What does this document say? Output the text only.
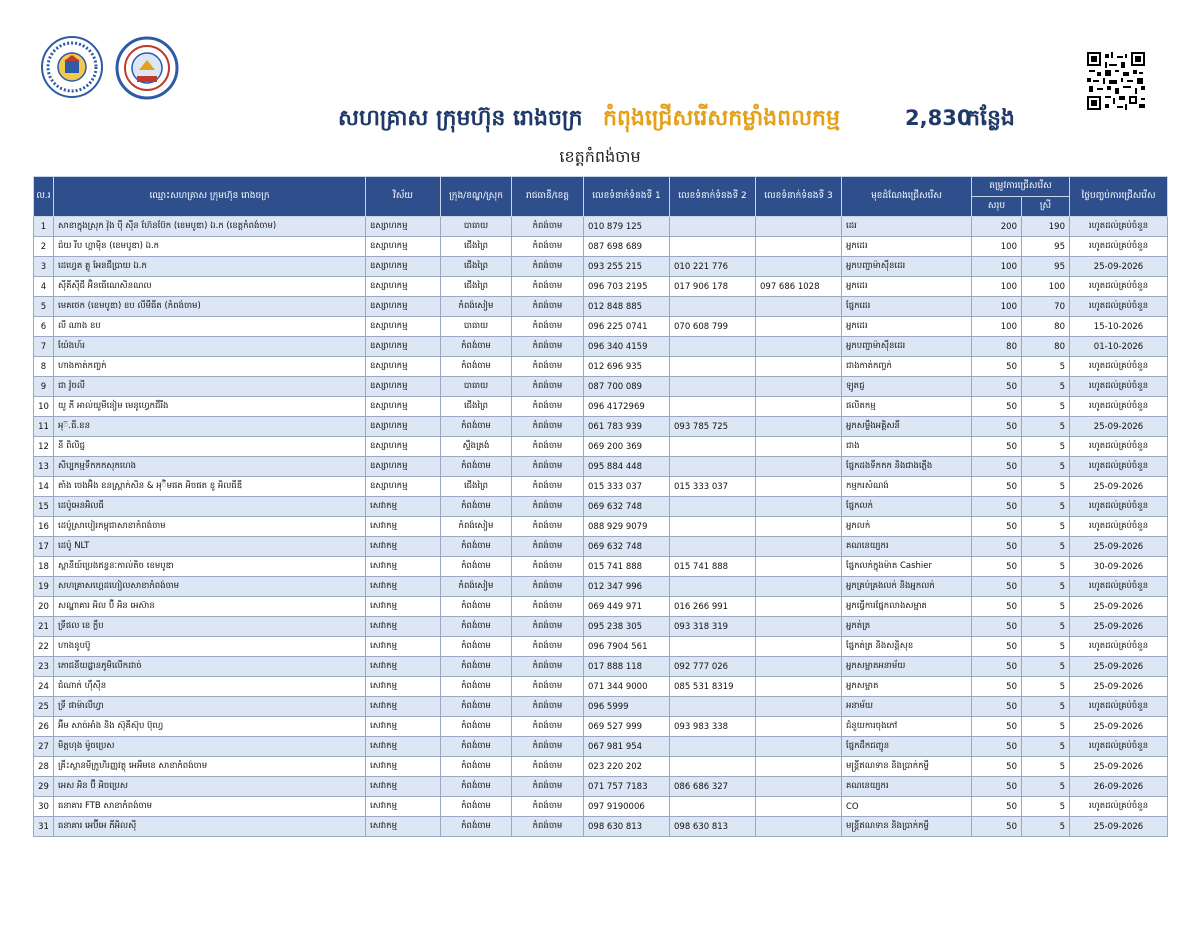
សហគ្រាស ក្រុមហ៊ុន រោងចក្រ កំពុងជ្រើសរើសកម្លាំងពលកម្ម	2,830
កន្លែង
ខេត្តកំពង់ចាម
ល.រ	ឈ្មោះសហគ្រាស ក្រុមហ៊ុន រោងចក្រ	វិស័យ	ក្រុង/ខណ្ឌ/ស្រុក	រាជធានី/ខេត្ត	លេខទំនាក់ទំនងទី 1	លេខទំនាក់ទំនងទី 2	លេខទំនាក់ទំនងទី 3	មុខដំណែងជ្រើសរើស	តម្រូវការជ្រើសរើស		ថ្ងៃបញ្ចប់ការជ្រើសរើស
									សរុប	ស្រី	
1	សាខាក្នុងស្រុក វ៉ុង ប៉ី ស៊ីន ហ៊ែនប៊ែក (ខេមបូឌា) ឯ.ក (ខេត្តកំពង់ចាម)	ឧស្សាហកម្ម	បាធាយ	កំពង់ចាម	010 879 125			ដេរ	200	190	រហូតដល់គ្រប់ចំនួន
2	ជ៉យ រីប ហ្គាម៉ិន (ខេមបូឌា) ឯ.ក	ឧស្សាហកម្ម	ជើងព្រៃ	កំពង់ចាម	087 698 689			អ្នកដេរ	100	95	រហូតដល់គ្រប់ចំនួន
3	ដេហ្វេត គ្លូ អែនជីប្រាយ ឯ.ក	ឧស្សាហកម្ម	ជើងព្រៃ	កំពង់ចាម	093 255 215	010 221 776		អ្នកបញ្ជាម៉ាស៊ីនដេរ	100	95	25-09-2026
4	ស៊ីគីស៊ីជី អ៊ិនធើណេសិនណល	ឧស្សាហកម្ម	ជើងព្រៃ	កំពង់ចាម	096 703 2195	017 906 178	097 686 1028	អ្នកដេរ	100	100	រហូតដល់គ្រប់ចំនួន
5	មេគថេក (ខេមបូឌា) ខប លីមីធីត (កំពង់ចាម)	ឧស្សាហកម្ម	កំពង់សៀម	កំពង់ចាម	012 848 885			ផ្នែកដេរ	100	70	រហូតដល់គ្រប់ចំនួន
6	លី ណាង ខប	ឧស្សាហកម្ម	បាធាយ	កំពង់ចាម	096 225 0741	070 608 799		អ្នកដេរ	100	80	15-10-2026
7	យ៉ែងហ៍រ	ឧស្សាហកម្ម	កំពង់ចាម	កំពង់ចាម	096 340 4159			អ្នកបញ្ជាម៉ាស៊ីនដេរ	80	80	01-10-2026
8	ហាងកាត់កញ្ចក់	ឧស្សាហកម្ម	កំពង់ចាម	កំពង់ចាម	012 696 935			ជាងកាត់កញ្ចក់	50	5	រហូតដល់គ្រប់ចំនួន
9	ជា វ៉ូចលី	ឧស្សាហកម្ម	បាធាយ	កំពង់ចាម	087 700 089			ឡូតជ្ញ	50	5	រហូតដល់គ្រប់ចំនួន
10	យូ ភី អាល់យូមីនៀម មេនូហ្វេកជឺរីង	ឧស្សាហកម្ម	ជើងព្រៃ	កំពង់ចាម	096 4172969			ផលិតកម្ម	50	5	រហូតដល់គ្រប់ចំនួន
11	អុ៊.ធី.ខន	ឧស្សាហកម្ម	កំពង់ចាម	កំពង់ចាម	061 783 939	093 785 725		អ្នកសម្លឹងអគ្គិសនី	50	5	25-09-2026
12	នី ពិលិជ្ជ	ឧស្សាហកម្ម	ស្ទឹងត្រង់	កំពង់ចាម	069 200 369			ជាង	50	5	រហូតដល់គ្រប់ចំនួន
13	សិប្បកម្មទឹកកកសុកហេង	ឧស្សាហកម្ម	កំពង់ចាម	កំពង់ចាម	095 884 448			ផ្នែកដងទឹកកក និងជាងភ្លើង	50	5	រហូតដល់គ្រប់ចំនួន
14	តាំង ចេងអ៊ិង ខនស្ត្រាក់សិន & អុ៊ិមផត អិចផត ខូ អិលធីឌី	ឧស្សាហកម្ម	ជើងព្រៃ	កំពង់ចាម	015 333 037	015 333 037		កម្មករសំណង់	50	5	25-09-2026
15	ដេប៉ូអេនអិលធី	សេវាកម្ម	កំពង់ចាម	កំពង់ចាម	069 632 748			ផ្នែកលក់	50	5	រហូតដល់គ្រប់ចំនួន
16	ដេប៉ូស្រាបៀរកម្ពុជាសាខាកំពង់ចាម	សេវាកម្ម	កំពង់សៀម	កំពង់ចាម	088 929 9079			អ្នកលក់	50	5	រហូតដល់គ្រប់ចំនួន
17	ដេប៉ូ NLT	សេវាកម្ម	កំពង់ចាម	កំពង់ចាម	069 632 748			គណនេយ្យករ	50	5	25-09-2026
18	ស្ពានីយ៍ប្រេងឥន្ធនៈកាល់តិច ខេមបូឌា	សេវាកម្ម	កំពង់ចាម	កំពង់ចាម	015 741 888	015 741 888		ផ្នែកលក់ក្នុងម៉ាត Cashier	50	5	30-09-2026
19	សហគ្រាសហ្គេដហៀលសាខាកំពង់ចាម	សេវាកម្ម	កំពង់សៀម	កំពង់ចាម	012 347 996			អ្នកគ្រប់គ្រងលក់ និងអ្នកលក់	50	5	រហូតដល់គ្រប់ចំនួន
20	សណ្ឋាគារ អិល ប៊ី អិន អេស៊ាន	សេវាកម្ម	កំពង់ចាម	កំពង់ចាម	069 449 971	016 266 991		អ្នកធ្វើការផ្នែកលាងសម្អាត	50	5	25-09-2026
21	ទ្រីផល ខេ ក្លឹប	សេវាកម្ម	កំពង់ចាម	កំពង់ចាម	095 238 305	093 318 319		អ្នកត់ត្រ	50	5	25-09-2026
22	ហាងនូបប៊ូ	សេវាកម្ម	កំពង់ចាម	កំពង់ចាម	096 7904 561			ផ្នែកត់ត្រ និងសន្តិសុខ	50	5	រហូតដល់គ្រប់ចំនួន
23	ភោជនីយដ្ឋានភូមិលើកដាច់	សេវាកម្ម	កំពង់ចាម	កំពង់ចាម	017 888 118	092 777 026		អ្នកសម្អាតអនាម័យ	50	5	25-09-2026
24	ជំណាក់ ហ៊ឹស៊ីន	សេវាកម្ម	កំពង់ចាម	កំពង់ចាម	071 344 9000	085 531 8319		អ្នកសម្អាត	50	5	25-09-2026
25	ទ្រី ផាម៉ាលីហ្វា	សេវាកម្ម	កំពង់ចាម	កំពង់ចាម	096 5999			អនាម័យ	50	5	រហូតដល់គ្រប់ចំនួន
26	អ៊ីម សាច់អាំង និង ស៊ុគីស៊ុប ប៊ុហ្វេ	សេវាកម្ម	កំពង់ចាម	កំពង់ចាម	069 527 999	093 983 338		ជំនួយការចុងភៅ	50	5	25-09-2026
27	មិត្តហុង ម៉ូចប្រេស	សេវាកម្ម	កំពង់ចាម	កំពង់ចាម	067 981 954			ផ្នែកដឹកជញ្ជូន	50	5	រហូតដល់គ្រប់ចំនួន
28	គ្រឹះស្ថានមីក្រូហិរញ្ញវត្ថុ អេអឹមខេ សាខាកំពង់ចាម	សេវាកម្ម	កំពង់ចាម	កំពង់ចាម	023 220 202			មន្ត្រីឥណទាន និងប្រាក់កម្ចី	50	5	25-09-2026
29	អេស អិន ប៊ី អិចប្រេស	សេវាកម្ម	កំពង់ចាម	កំពង់ចាម	071 757 7183	086 686 327		គណនេយ្យករ	50	5	26-09-2026
30	ធនាគារ FTB សាខាកំពង់ចាម	សេវាកម្ម	កំពង់ចាម	កំពង់ចាម	097 9190006			CO	50	5	រហូតដល់គ្រប់ចំនួន
31	ធនាគារ អេប៊ីអេ ភីអិលស៊ី	សេវាកម្ម	កំពង់ចាម	កំពង់ចាម	098 630 813	098 630 813		មន្ត្រីឥណទាន និងប្រាក់កម្ចី	50	5	25-09-2026
